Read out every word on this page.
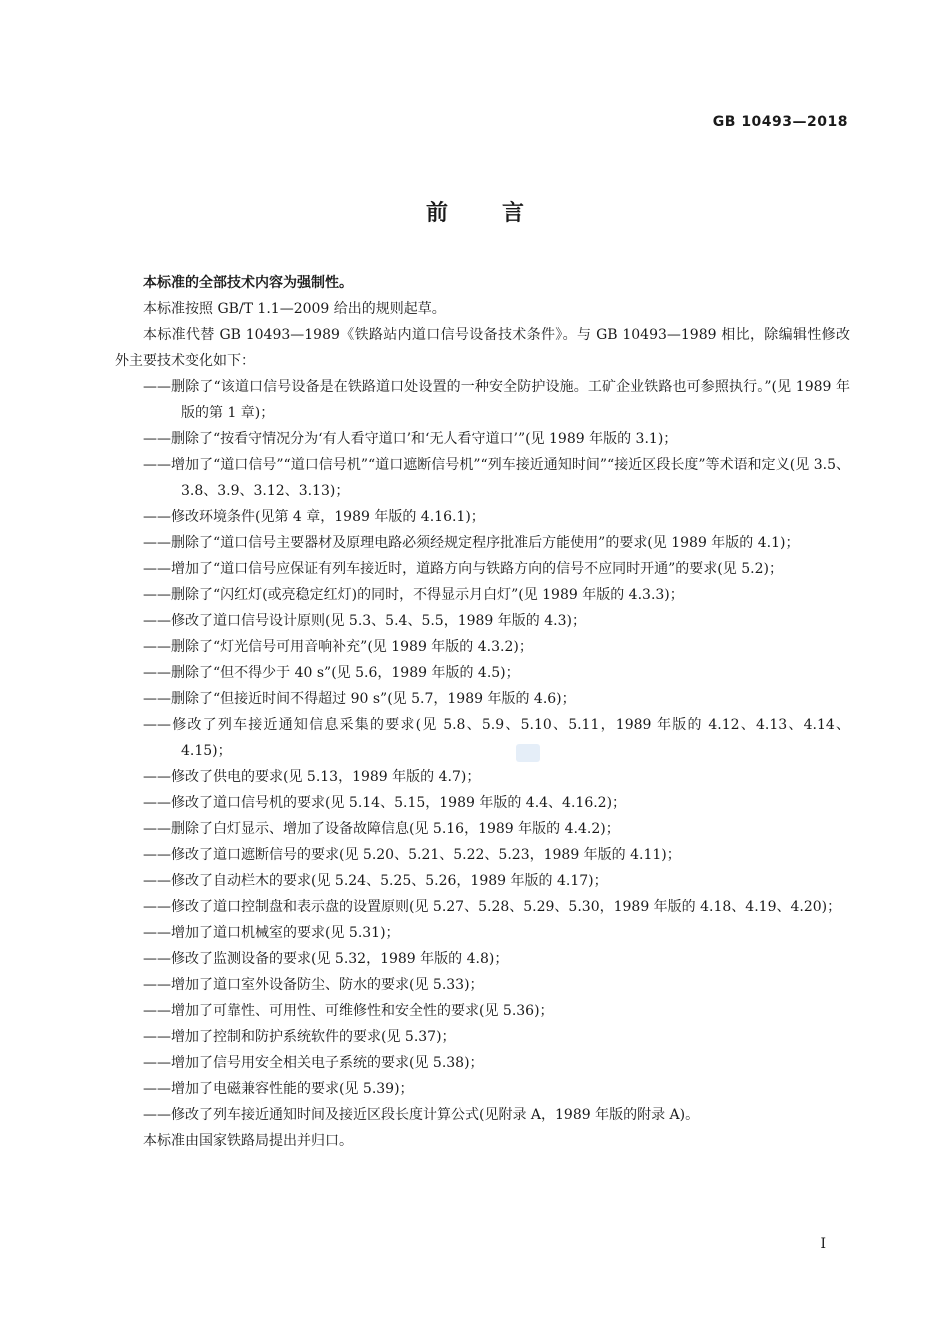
GB 10493—2018
前言

本标准的全部技术内容为强制性。

本标准按照 GB/T 1.1—2009 给出的规则起草。

本标准代替 GB 10493—1989《铁路站内道口信号设备技术条件》。与 GB 10493—1989 相比，除编辑性修改外主要技术变化如下：

——删除了“该道口信号设备是在铁路道口处设置的一种安全防护设施。工矿企业铁路也可参照执行。”(见 1989 年版的第 1 章)；

——删除了“按看守情况分为‘有人看守道口’和‘无人看守道口’”(见 1989 年版的 3.1)；

——增加了“道口信号”“道口信号机”“道口遮断信号机”“列车接近通知时间”“接近区段长度”等术语和定义(见 3.5、3.8、3.9、3.12、3.13)；

——修改环境条件(见第 4 章，1989 年版的 4.16.1)；

——删除了“道口信号主要器材及原理电路必须经规定程序批准后方能使用”的要求(见 1989 年版的 4.1)；

——增加了“道口信号应保证有列车接近时，道路方向与铁路方向的信号不应同时开通”的要求(见 5.2)；

——删除了“闪红灯(或亮稳定红灯)的同时，不得显示月白灯”(见 1989 年版的 4.3.3)；

——修改了道口信号设计原则(见 5.3、5.4、5.5，1989 年版的 4.3)；

——删除了“灯光信号可用音响补充”(见 1989 年版的 4.3.2)；

——删除了“但不得少于 40 s”(见 5.6，1989 年版的 4.5)；

——删除了“但接近时间不得超过 90 s”(见 5.7，1989 年版的 4.6)；

——修改了列车接近通知信息采集的要求(见 5.8、5.9、5.10、5.11，1989 年版的 4.12、4.13、4.14、4.15)；

——修改了供电的要求(见 5.13，1989 年版的 4.7)；

——修改了道口信号机的要求(见 5.14、5.15，1989 年版的 4.4、4.16.2)；

——删除了白灯显示、增加了设备故障信息(见 5.16，1989 年版的 4.4.2)；

——修改了道口遮断信号的要求(见 5.20、5.21、5.22、5.23，1989 年版的 4.11)；

——修改了自动栏木的要求(见 5.24、5.25、5.26，1989 年版的 4.17)；

——修改了道口控制盘和表示盘的设置原则(见 5.27、5.28、5.29、5.30，1989 年版的 4.18、4.19、4.20)；

——增加了道口机械室的要求(见 5.31)；

——修改了监测设备的要求(见 5.32，1989 年版的 4.8)；

——增加了道口室外设备防尘、防水的要求(见 5.33)；

——增加了可靠性、可用性、可维修性和安全性的要求(见 5.36)；

——增加了控制和防护系统软件的要求(见 5.37)；

——增加了信号用安全相关电子系统的要求(见 5.38)；

——增加了电磁兼容性能的要求(见 5.39)；

——修改了列车接近通知时间及接近区段长度计算公式(见附录 A，1989 年版的附录 A)。

本标准由国家铁路局提出并归口。

I
